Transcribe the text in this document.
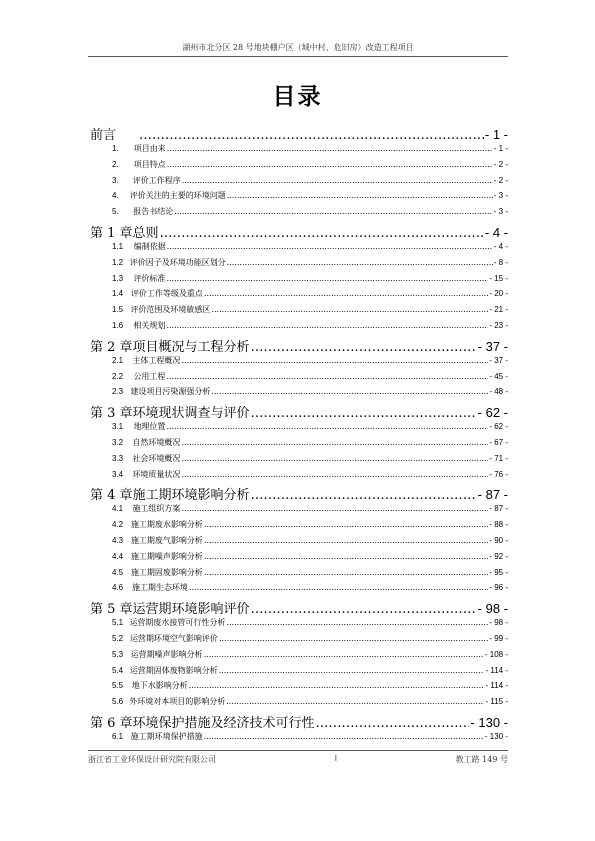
湖州市北分区 28 号地块棚户区（城中村、危旧房）改造工程项目
目录
前言 .....	- 1 -
1.	项目由来 .....	- 1 -
2.	项目特点 .....	- 2 -
3.	评价工作程序 .....	- 2 -
4.	评价关注的主要的环境问题 .....	- 3 -
5.	报告书结论 .....	- 3 -
第 1 章 总则 .....	- 4 -
1.1	编制依据 .....	- 4 -
1.2 评价因子及环境功能区划分 .....	- 8 -
1.3	评价标准 .....	- 15 -
1.4 评价工作等级及重点 .....	- 20 -
1.5 评价范围及环境敏感区 .....	- 21 -
1.6	相关规划 .....	- 23 -
第 2 章 项目概况与工程分析 .....	- 37 -
2.1	主体工程概况 .....	- 37 -
2.2	公用工程 .....	- 45 -
2.3 建设项目污染源强分析 .....	- 48 -
第 3 章 环境现状调查与评价 .....	- 62 -
3.1	地理位置 .....	- 62 -
3.2	自然环境概况 .....	- 67 -
3.3	社会环境概况 .....	- 71 -
3.4	环境质量状况 .....	- 76 -
第 4 章 施工期环境影响分析 .....	- 87 -
4.1	施工组织方案 .....	- 87 -
4.2 施工期废水影响分析 .....	- 88 -
4.3 施工期废气影响分析 .....	- 90 -
4.4 施工期噪声影响分析 .....	- 92 -
4.5 施工期固废影响分析 .....	- 95 -
4.6	施工期生态环境 .....	- 96 -
第 5 章 运营期环境影响评价 .....	- 98 -
5.1 运营期废水接管可行性分析 .....	- 98 -
5.2 运营期环境空气影响评价 .....	- 99 -
5.3 运营期噪声影响分析 .....	- 108 -
5.4 运营期固体废物影响分析 .....	- 114 -
5.5	地下水影响分析 .....	- 114 -
5.6 外环境对本项目的影响分析 .....	- 115 -
第 6 章 环境保护措施及经济技术可行性 .....	- 130 -
6.1 施工期环境保护措施 .....	- 130 -
浙江省工业环保设计研究院有限公司	I	教工路 149 号
